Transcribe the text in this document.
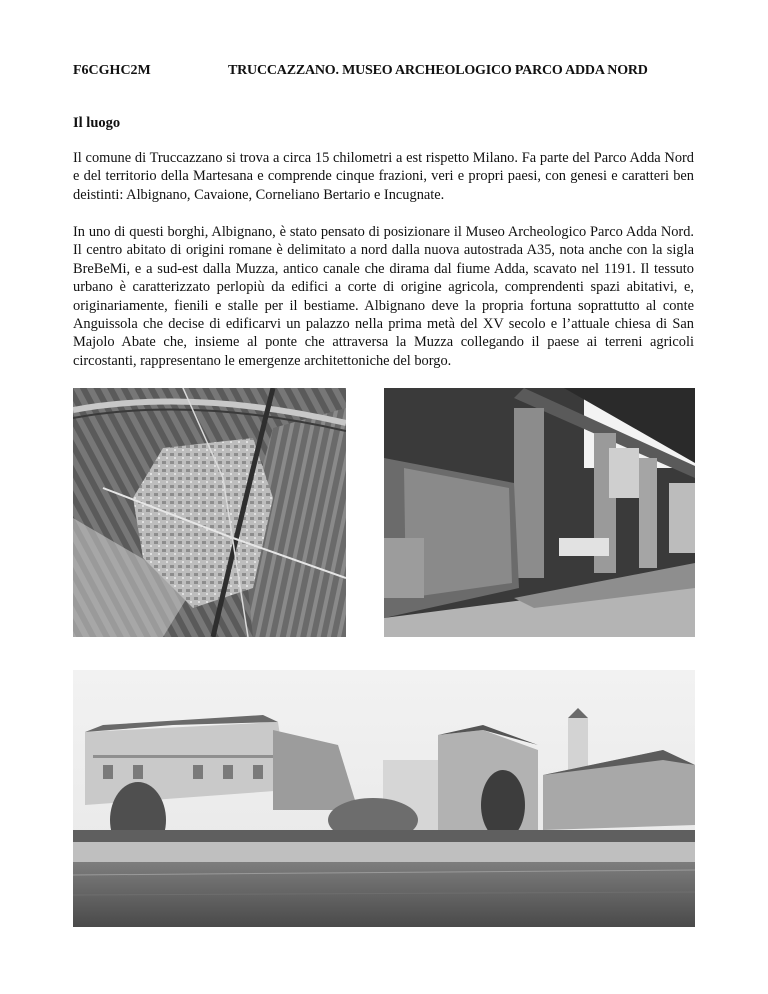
F6CGHC2M	TRUCCAZZANO. MUSEO ARCHEOLOGICO PARCO ADDA NORD
Il luogo
Il comune di Truccazzano si trova a circa 15 chilometri a est rispetto Milano. Fa parte del Parco Adda Nord e del territorio della Martesana e comprende cinque frazioni, veri e propri paesi, con genesi e caratteri ben deistinti: Albignano, Cavaione, Corneliano Bertario e Incugnate.
In uno di questi borghi, Albignano, è stato pensato di posizionare il Museo Archeologico Parco Adda Nord. Il centro abitato di origini romane è delimitato a nord dalla nuova autostrada A35, nota anche con la sigla BreBeMi, e a sud-est dalla Muzza, antico canale che dirama dal fiume Adda, scavato nel 1191. Il tessuto urbano è caratterizzato perlopiù da edifici a corte di origine agricola, comprendenti spazi abitativi, e, originariamente, fienili e stalle per il bestiame. Albignano deve la propria fortuna soprattutto al conte Anguissola che decise di edificarvi un palazzo nella prima metà del XV secolo e l’attuale chiesa di San Majolo Abate che, insieme al ponte che attraversa la Muzza collegando il paese ai terreni agricoli circostanti, rappresentano le emergenze architettoniche del borgo.
